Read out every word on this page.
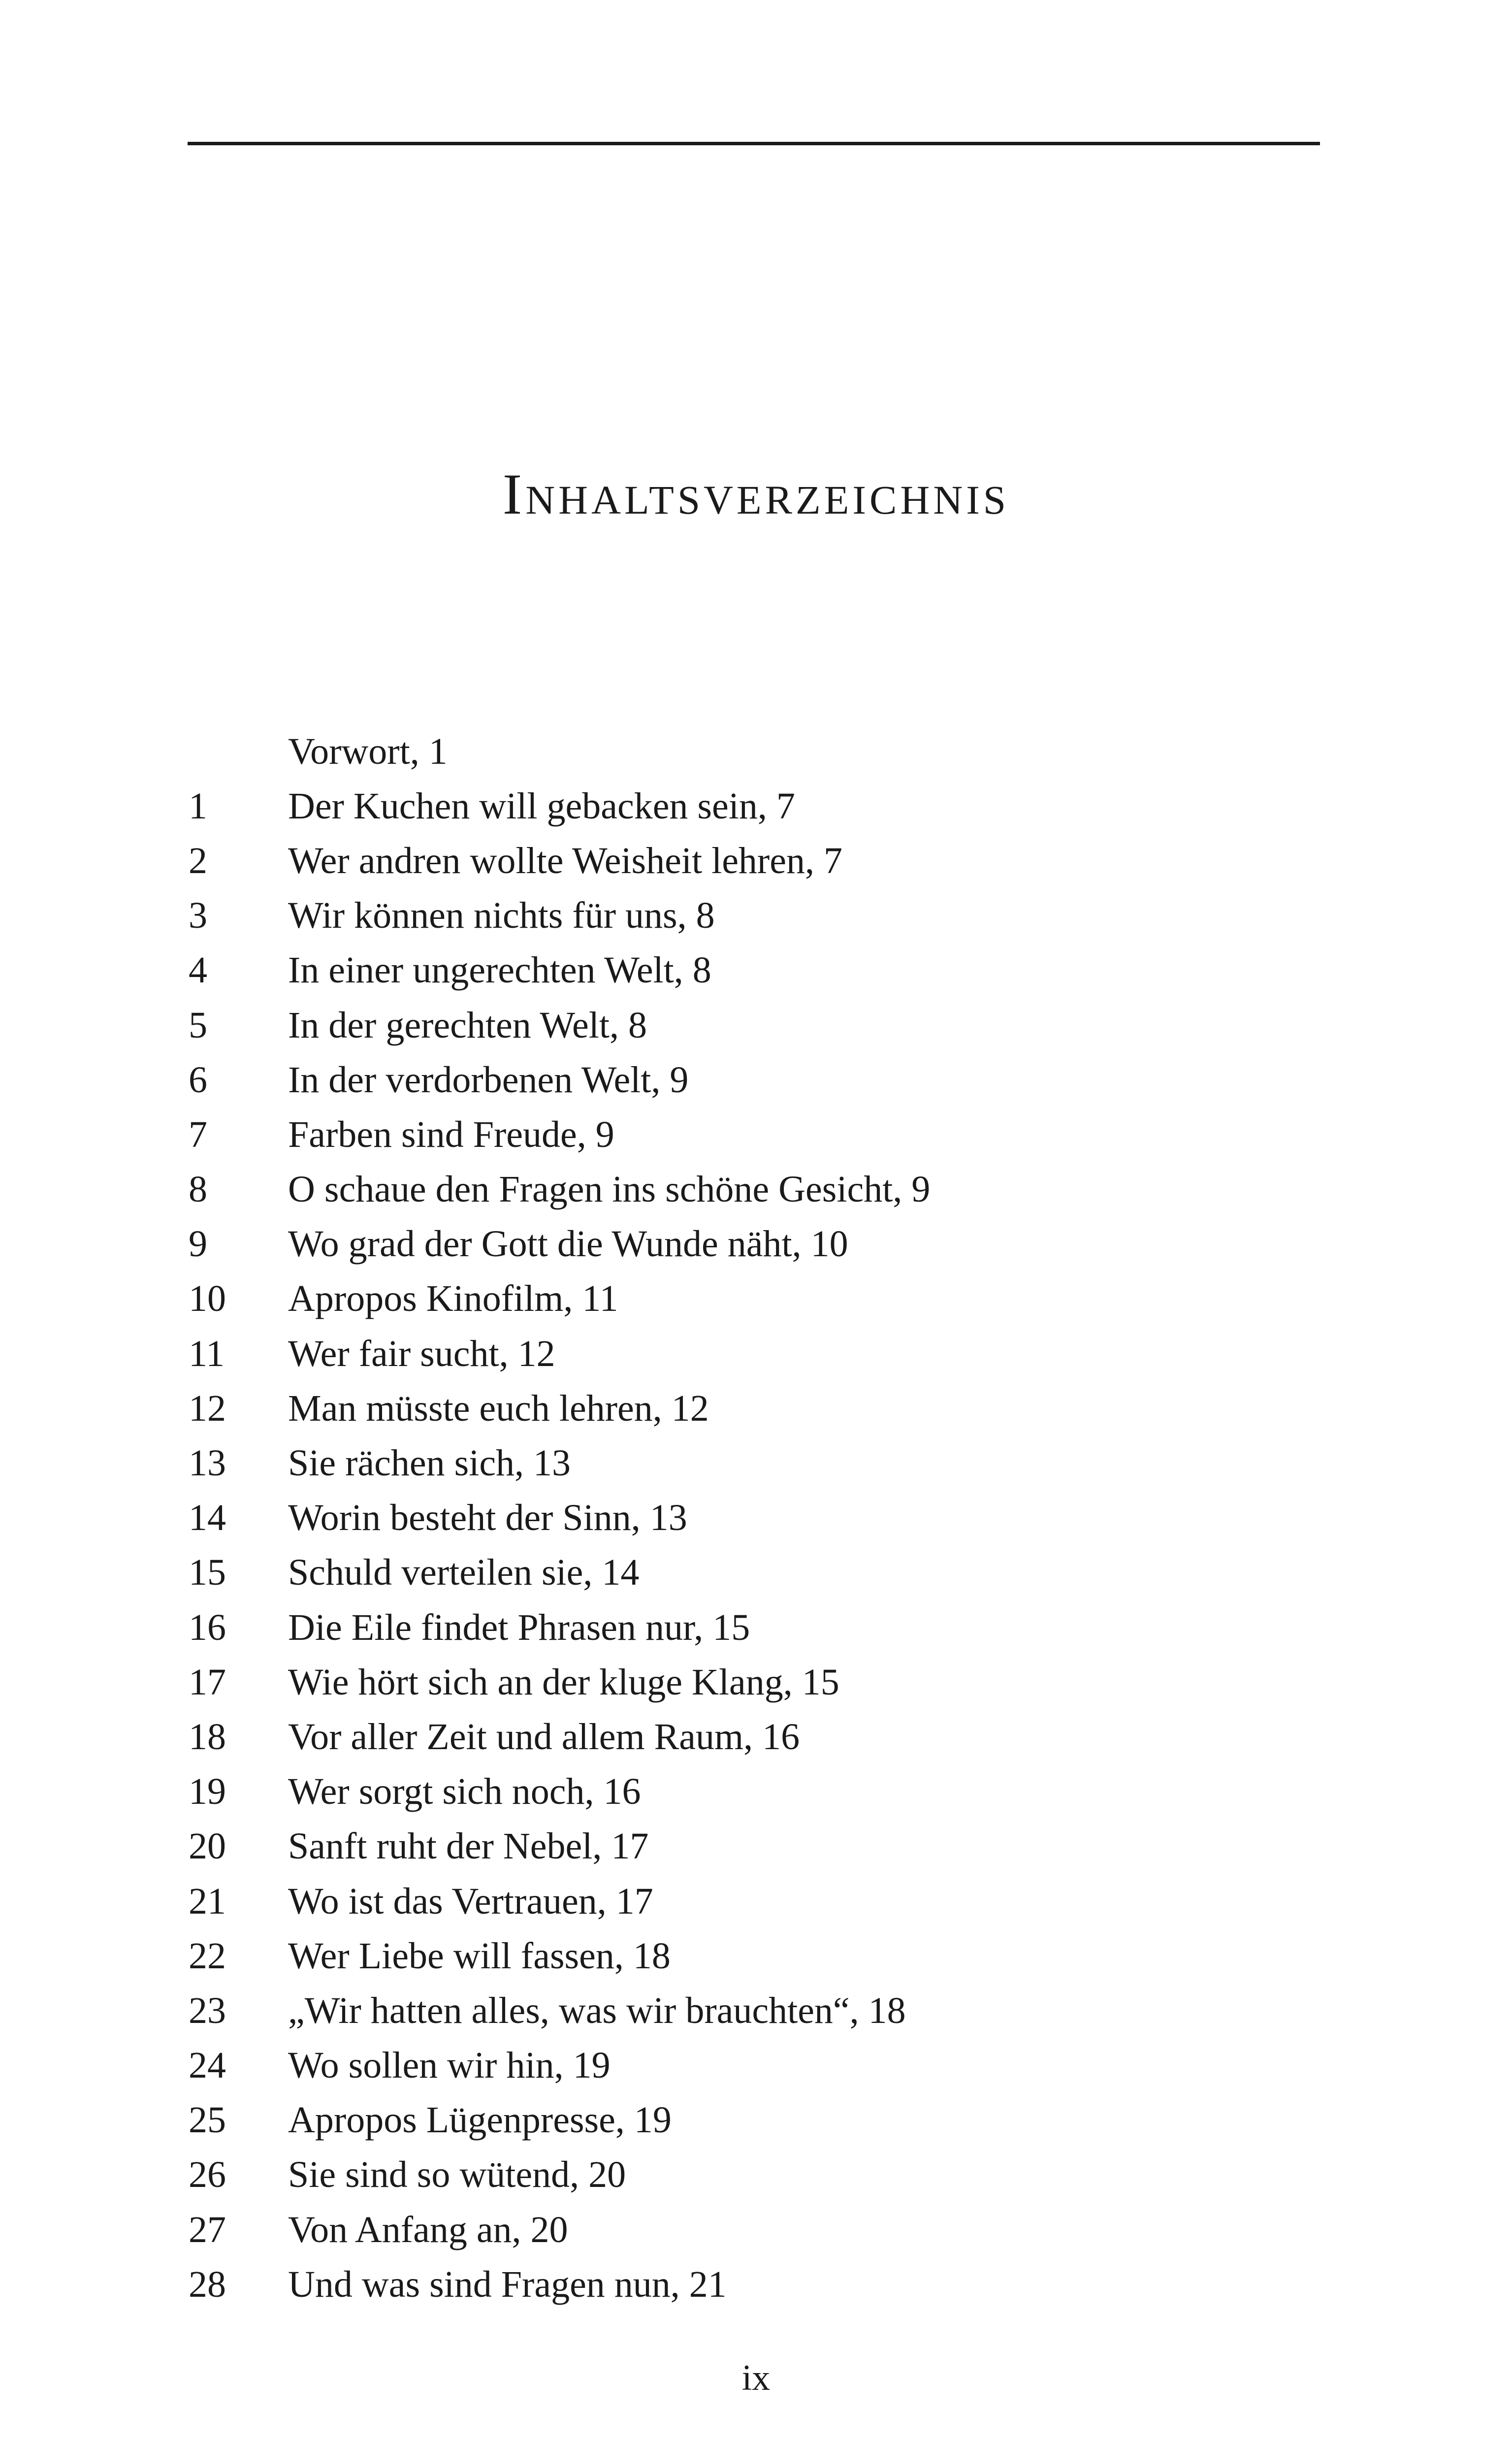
Inhaltsverzeichnis
Vorwort, 1
1	Der Kuchen will gebacken sein, 7
2	Wer andren wollte Weisheit lehren, 7
3	Wir können nichts für uns, 8
4	In einer ungerechten Welt, 8
5	In der gerechten Welt, 8
6	In der verdorbenen Welt, 9
7	Farben sind Freude, 9
8	O schaue den Fragen ins schöne Gesicht, 9
9	Wo grad der Gott die Wunde näht, 10
10	Apropos Kinofilm, 11
11	Wer fair sucht, 12
12	Man müsste euch lehren, 12
13	Sie rächen sich, 13
14	Worin besteht der Sinn, 13
15	Schuld verteilen sie, 14
16	Die Eile findet Phrasen nur, 15
17	Wie hört sich an der kluge Klang, 15
18	Vor aller Zeit und allem Raum, 16
19	Wer sorgt sich noch, 16
20	Sanft ruht der Nebel, 17
21	Wo ist das Vertrauen, 17
22	Wer Liebe will fassen, 18
23	„Wir hatten alles, was wir brauchten“, 18
24	Wo sollen wir hin, 19
25	Apropos Lügenpresse, 19
26	Sie sind so wütend, 20
27	Von Anfang an, 20
28	Und was sind Fragen nun, 21
ix
